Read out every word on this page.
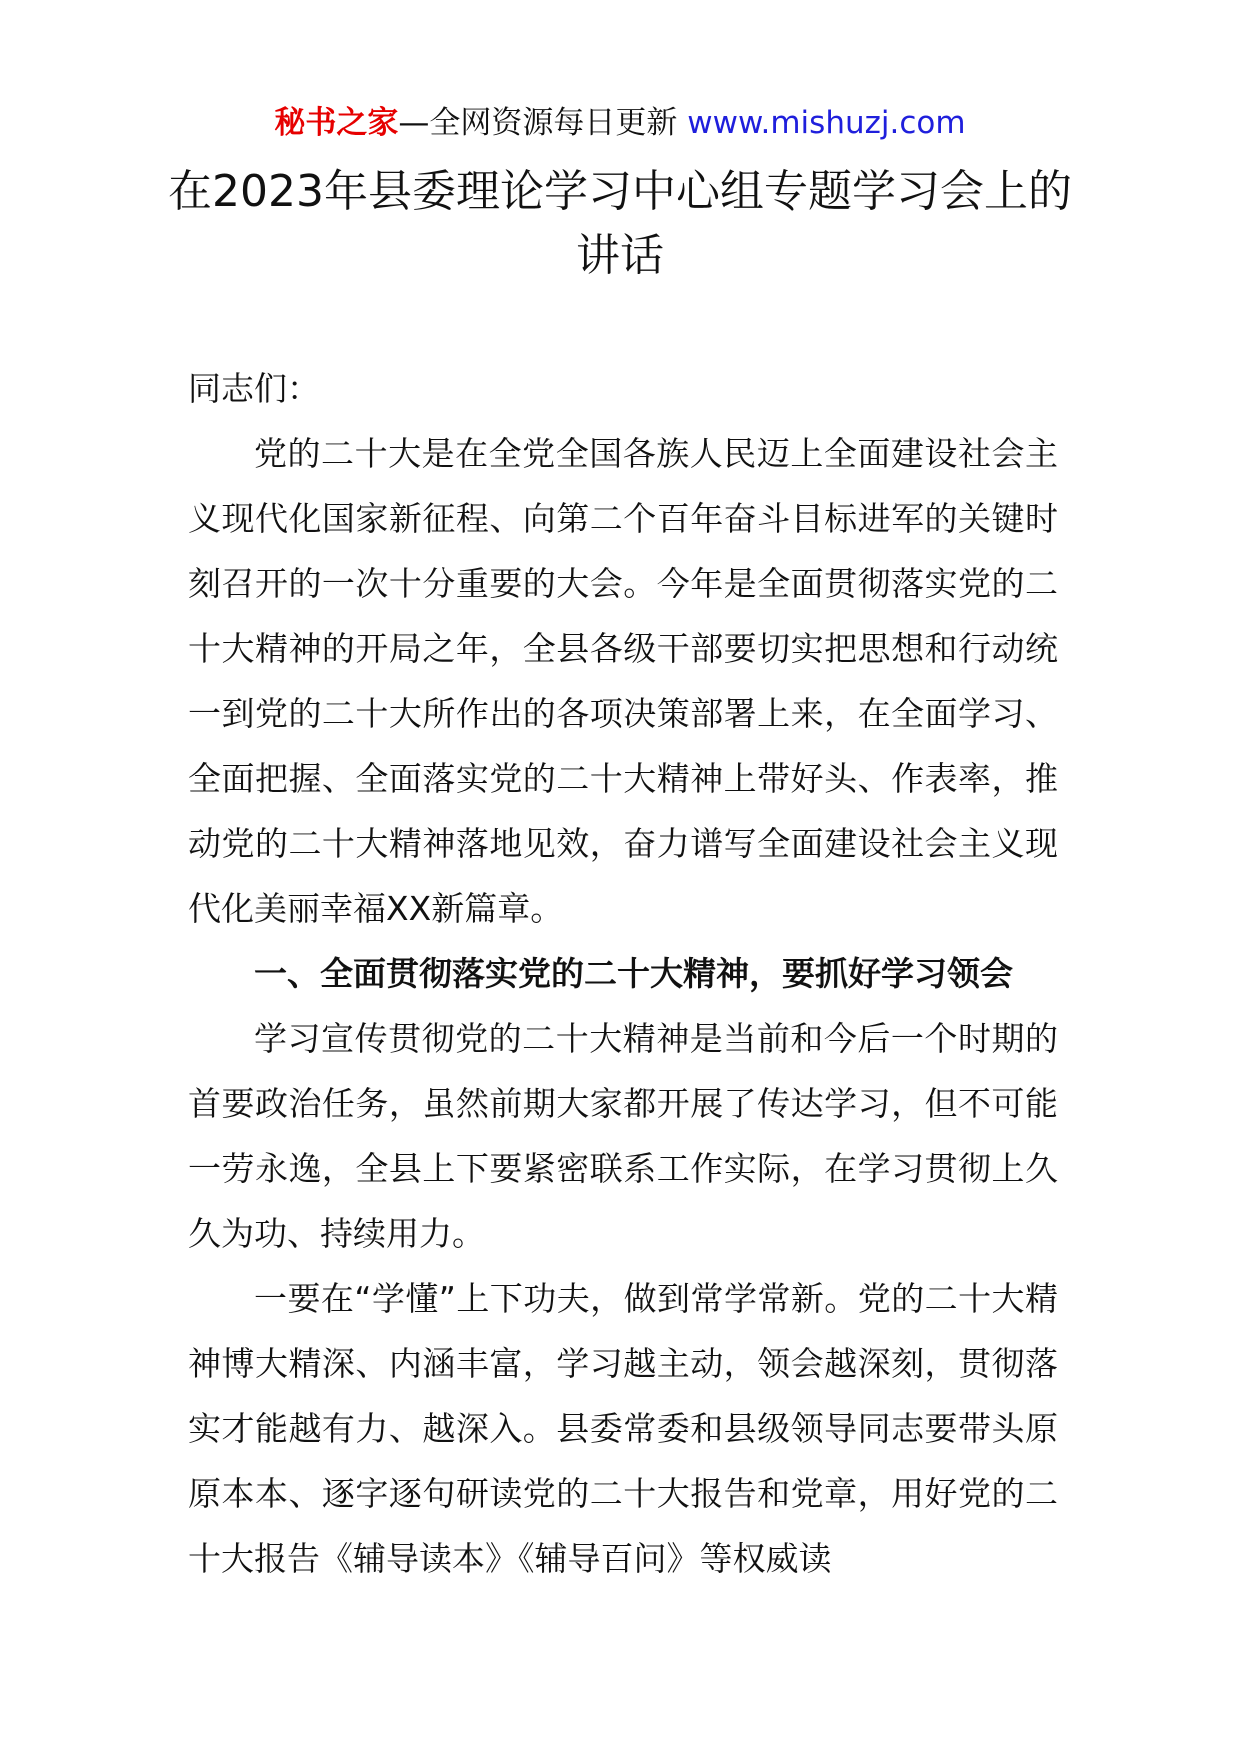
秘书之家—全网资源每日更新 www.mishuzj.com
在2023年县委理论学习中心组专题学习会上的讲话

同志们：

党的二十大是在全党全国各族人民迈上全面建设社会主义现代化国家新征程、向第二个百年奋斗目标进军的关键时刻召开的一次十分重要的大会。今年是全面贯彻落实党的二十大精神的开局之年，全县各级干部要切实把思想和行动统一到党的二十大所作出的各项决策部署上来，在全面学习、全面把握、全面落实党的二十大精神上带好头、作表率，推动党的二十大精神落地见效，奋力谱写全面建设社会主义现代化美丽幸福XX新篇章。

一、全面贯彻落实党的二十大精神，要抓好学习领会

学习宣传贯彻党的二十大精神是当前和今后一个时期的首要政治任务，虽然前期大家都开展了传达学习，但不可能一劳永逸，全县上下要紧密联系工作实际，在学习贯彻上久久为功、持续用力。

一要在“学懂”上下功夫，做到常学常新。党的二十大精神博大精深、内涵丰富，学习越主动，领会越深刻，贯彻落实才能越有力、越深入。县委常委和县级领导同志要带头原原本本、逐字逐句研读党的二十大报告和党章，用好党的二十大报告《辅导读本》《辅导百问》等权威读
